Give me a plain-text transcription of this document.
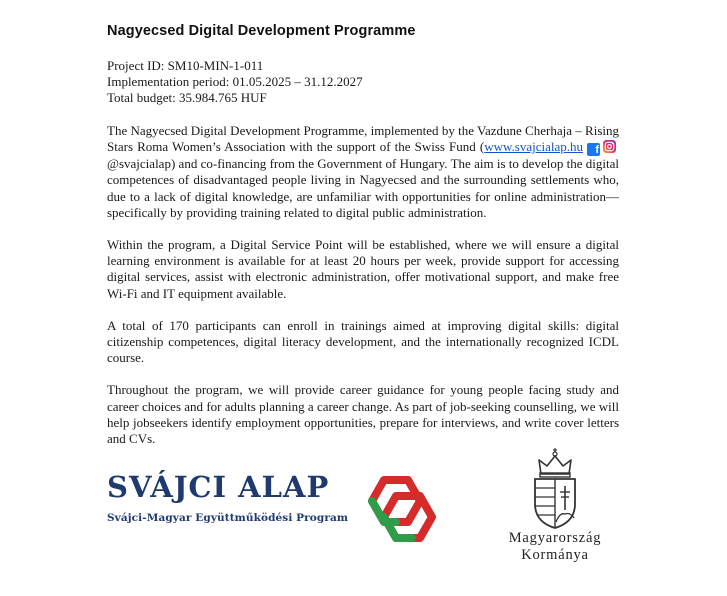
Nagyecsed Digital Development Programme
Project ID: SM10-MIN-1-011
Implementation period: 01.05.2025 – 31.12.2027
Total budget: 35.984.765 HUF

The Nagyecsed Digital Development Programme, implemented by the Vazdune Cherhaja – Rising Stars Roma Women’s Association with the support of the Swiss Fund (www.svajcialap.hu f@svajcialap) and co-financing from the Government of Hungary. The aim is to develop the digital competences of disadvantaged people living in Nagyecsed and the surrounding settlements who, due to a lack of digital knowledge, are unfamiliar with opportunities for online administration—specifically by providing training related to digital public administration.

Within the program, a Digital Service Point will be established, where we will ensure a digital learning environment is available for at least 20 hours per week, provide support for accessing digital services, assist with electronic administration, offer motivational support, and make free Wi-Fi and IT equipment available.

A total of 170 participants can enroll in trainings aimed at improving digital skills: digital citizenship competences, digital literacy development, and the internationally recognized ICDL course.

Throughout the program, we will provide career guidance for young people facing study and career choices and for adults planning a career change. As part of job-seeking counselling, we will help jobseekers identify employment opportunities, prepare for interviews, and write cover letters and CVs.

SVÁJCI ALAP
Svájci-Magyar Együttműködési Program
Magyarország
Kormánya
